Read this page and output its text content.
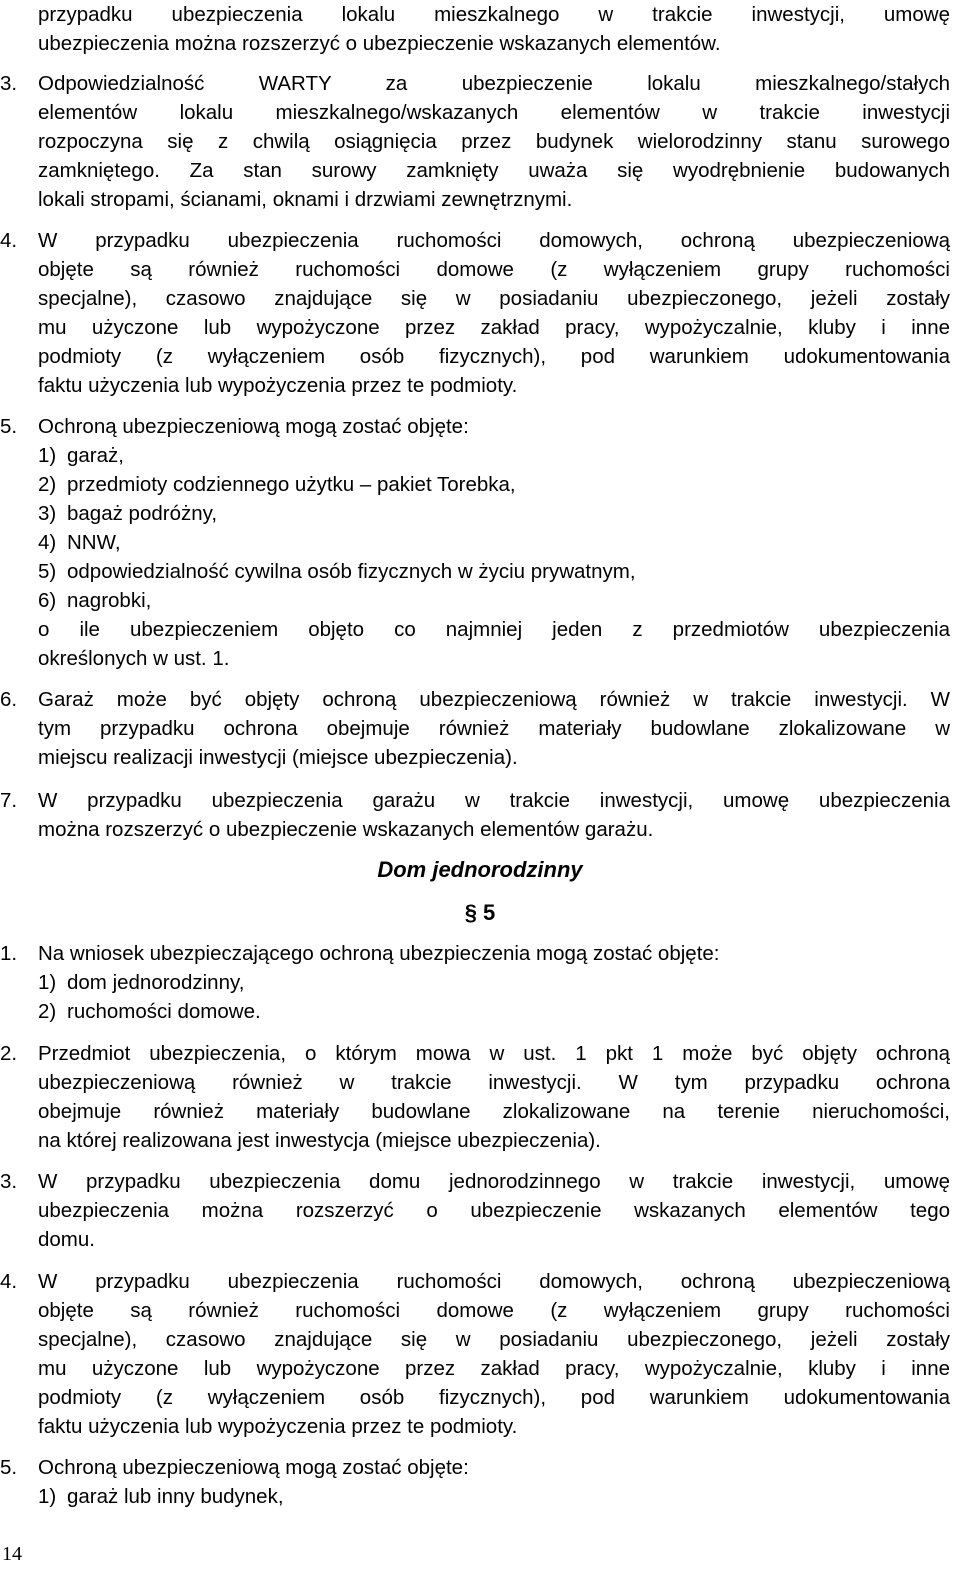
przypadku ubezpieczenia lokalu mieszkalnego w trakcie inwestycji, umowę

ubezpieczenia można rozszerzyć o ubezpieczenie wskazanych elementów.

3.	Odpowiedzialność WARTY za ubezpieczenie lokalu mieszkalnego/stałych

elementów lokalu mieszkalnego/wskazanych elementów w trakcie inwestycji

rozpoczyna się z chwilą osiągnięcia przez budynek wielorodzinny stanu surowego

zamkniętego. Za stan surowy zamknięty uważa się wyodrębnienie budowanych

lokali stropami, ścianami, oknami i drzwiami zewnętrznymi.

4.	W przypadku ubezpieczenia ruchomości domowych, ochroną ubezpieczeniową

objęte są również ruchomości domowe (z wyłączeniem grupy ruchomości

specjalne), czasowo znajdujące się w posiadaniu ubezpieczonego, jeżeli zostały

mu użyczone lub wypożyczone przez zakład pracy, wypożyczalnie, kluby i inne

podmioty (z wyłączeniem osób fizycznych), pod warunkiem udokumentowania

faktu użyczenia lub wypożyczenia przez te podmioty.

5.	Ochroną ubezpieczeniową mogą zostać objęte:

1) garaż,

2) przedmioty codziennego użytku – pakiet Torebka,

3) bagaż podróżny,

4) NNW,

5) odpowiedzialność cywilna osób fizycznych w życiu prywatnym,

6) nagrobki,

o ile ubezpieczeniem objęto co najmniej jeden z przedmiotów ubezpieczenia

określonych w ust. 1.

6.	Garaż może być objęty ochroną ubezpieczeniową również w trakcie inwestycji. W

tym przypadku ochrona obejmuje również materiały budowlane zlokalizowane w

miejscu realizacji inwestycji (miejsce ubezpieczenia).

7.	W przypadku ubezpieczenia garażu w trakcie inwestycji, umowę ubezpieczenia

można rozszerzyć o ubezpieczenie wskazanych elementów garażu.

Dom jednorodzinny
§ 5
1.	Na wniosek ubezpieczającego ochroną ubezpieczenia mogą zostać objęte:

1) dom jednorodzinny,

2) ruchomości domowe.

2.	Przedmiot ubezpieczenia, o którym mowa w ust. 1 pkt 1 może być objęty ochroną

ubezpieczeniową również w trakcie inwestycji. W tym przypadku ochrona

obejmuje również materiały budowlane zlokalizowane na terenie nieruchomości,

na której realizowana jest inwestycja (miejsce ubezpieczenia).

3.	W przypadku ubezpieczenia domu jednorodzinnego w trakcie inwestycji, umowę

ubezpieczenia można rozszerzyć o ubezpieczenie wskazanych elementów tego

domu.

4.	W przypadku ubezpieczenia ruchomości domowych, ochroną ubezpieczeniową

objęte są również ruchomości domowe (z wyłączeniem grupy ruchomości

specjalne), czasowo znajdujące się w posiadaniu ubezpieczonego, jeżeli zostały

mu użyczone lub wypożyczone przez zakład pracy, wypożyczalnie, kluby i inne

podmioty (z wyłączeniem osób fizycznych), pod warunkiem udokumentowania

faktu użyczenia lub wypożyczenia przez te podmioty.

5.	Ochroną ubezpieczeniową mogą zostać objęte:

1) garaż lub inny budynek,

14
